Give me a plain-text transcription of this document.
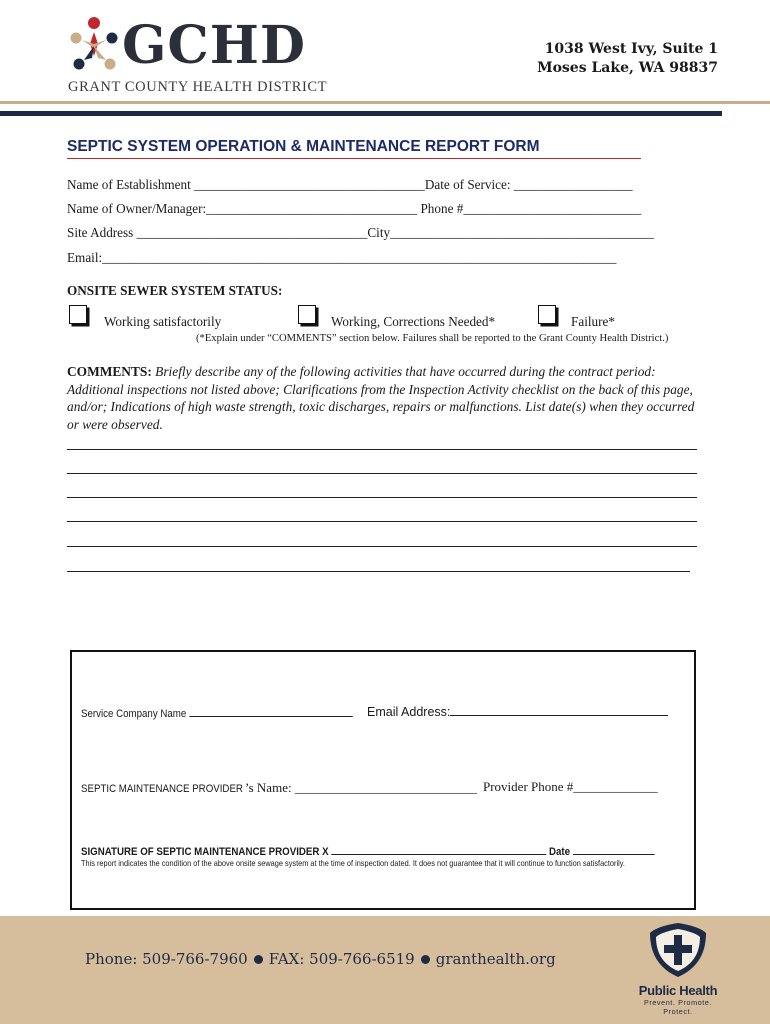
GCHD
GRANT COUNTY HEALTH DISTRICT
1038 West Ivy, Suite 1
Moses Lake, WA 98837
SEPTIC SYSTEM OPERATION & MAINTENANCE REPORT FORM
Name of Establishment ___________________________________Date of Service: __________________
Name of Owner/Manager:________________________________ Phone #___________________________
Site Address ___________________________________City________________________________________
Email:______________________________________________________________________________
ONSITE SEWER SYSTEM STATUS:
Working satisfactorily	Working, Corrections Needed*	Failure*
(*Explain under “COMMENTS” section below. Failures shall be reported to the Grant County Health District.)
COMMENTS: Briefly describe any of the following activities that have occurred during the contract period: Additional inspections not listed above; Clarifications from the Inspection Activity checklist on the back of this page, and/or; Indications of high waste strength, toxic discharges, repairs or malfunctions. List date(s) when they occurred or were observed.
Service Company Name	Email Address:
SEPTIC MAINTENANCE PROVIDER ’s Name: ____________________________ Provider Phone #_____________
SIGNATURE OF SEPTIC MAINTENANCE PROVIDER X	Date
This report indicates the condition of the above onsite sewage system at the time of inspection dated. It does not guarantee that it will continue to function satisfactorily.
Phone: 509-766-7960 FAX: 509-766-6519 granthealth.org
Public Health
Prevent. Promote. Protect.
